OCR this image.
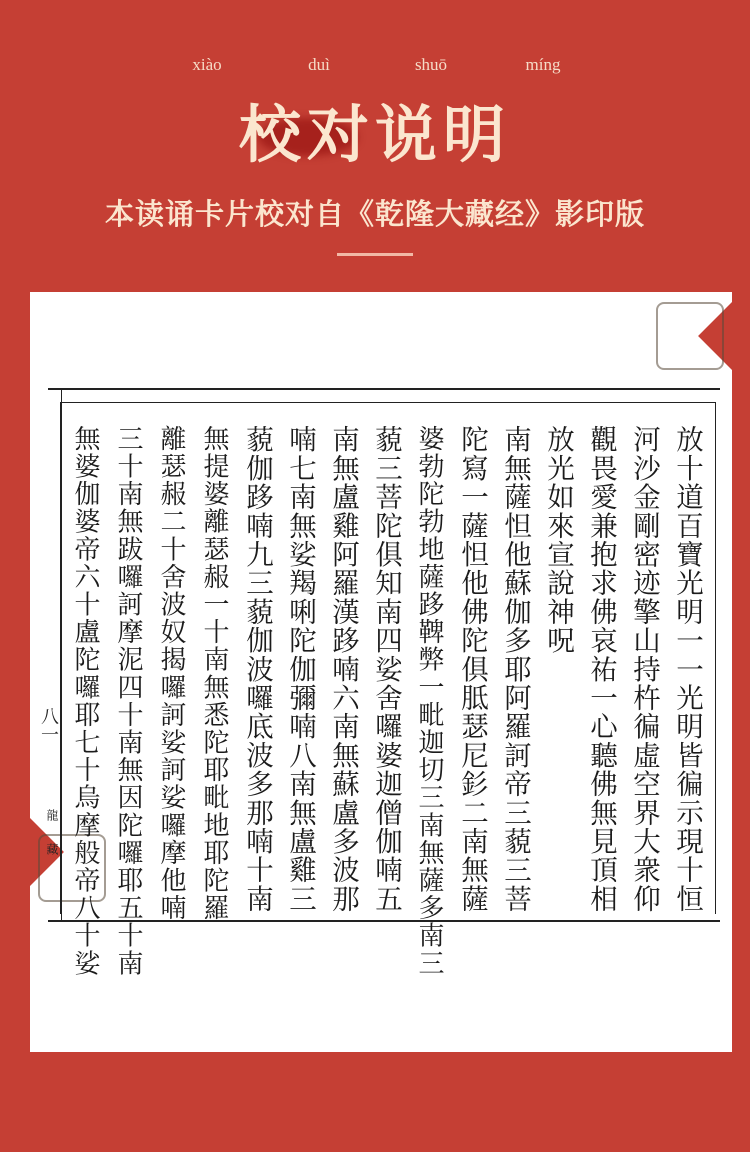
xiào	duì	shuō	míng
校对说明
本读诵卡片校对自《乾隆大藏经》影印版
八一
龍藏	放十道百寶光明一一光明皆徧示現十恒
河沙金剛密迹擎山持杵徧虛空界大衆仰
觀畏愛兼抱求佛哀祐一心聽佛無見頂相
放光如來宣說神呪
南無薩怛他蘇伽多耶阿羅訶帝三藐三菩
陀寫一薩怛他佛陀俱胝瑟尼釤二南無薩
婆勃陀勃地薩跢鞞弊一毗迦切三南無薩多南三
藐三菩陀俱知南四娑舍囉婆迦僧伽喃五
南無盧雞阿羅漢跢喃六南無蘇盧多波那
喃七南無娑羯唎陀伽彌喃八南無盧雞三
藐伽跢喃九三藐伽波囉底波多那喃十南
無提婆離瑟赧一十南無悉陀耶毗地耶陀羅
離瑟赧二十舍波奴揭囉訶娑訶娑囉摩他喃
三十南無跋囉訶摩泥四十南無因陀囉耶五十南
無婆伽婆帝六十盧陀囉耶七十烏摩般帝八十娑
